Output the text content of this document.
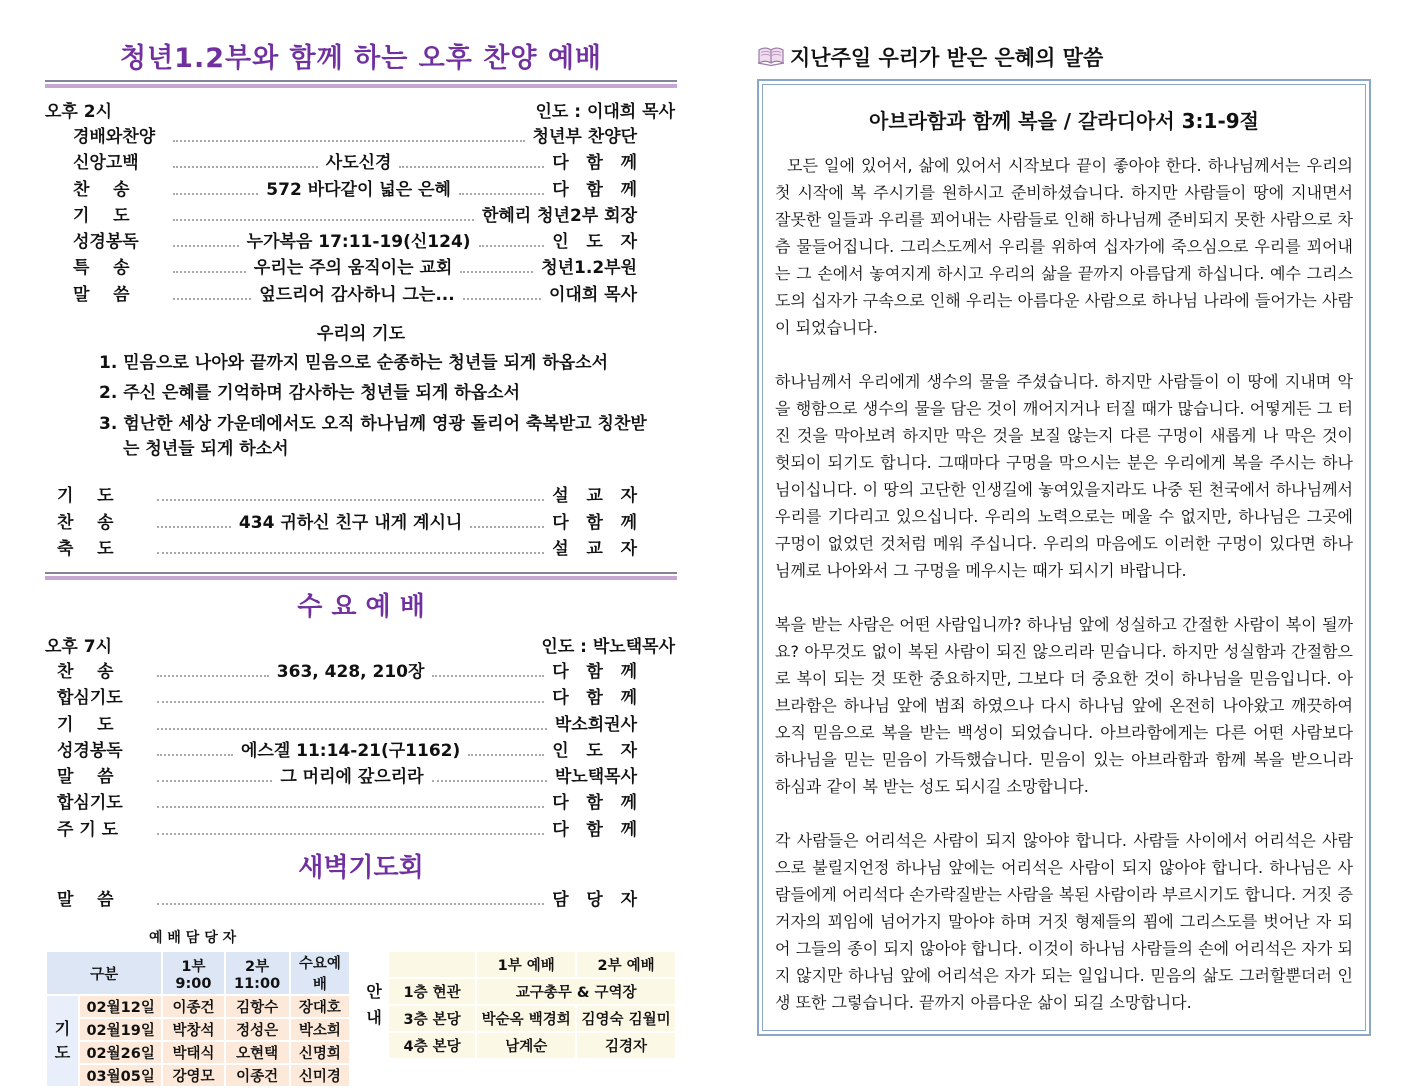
청년1.2부와 함께 하는 오후 찬양 예배
오후 2시	인도 : 이대희 목사
경배와찬양	청년부 찬양단
신앙고백	사도신경	다   함   께
찬    송	572 바다같이 넓은 은혜	다   함   께
기    도	한혜리 청년2부 회장
성경봉독	누가복음 17:11-19(신124)	인   도   자
특    송	우리는 주의 움직이는 교회	청년1.2부원
말    씀	엎드리어 감사하니 그는...	이대희 목사
우리의 기도
1. 믿음으로 나아와 끝까지 믿음으로 순종하는 청년들 되게 하옵소서
2. 주신 은혜를 기억하며 감사하는 청년들 되게 하옵소서
3. 험난한 세상 가운데에서도 오직 하나님께 영광 돌리어 축복받고 칭찬받는 청년들 되게 하소서
기    도	설   교   자
찬    송	434 귀하신 친구 내게 계시니	다   함   께
축    도	설   교   자
수 요 예 배
오후 7시	인도 : 박노택목사
찬    송	363, 428, 210장	다   함   께
합심기도	다   함   께
기    도	박소희권사
성경봉독	에스겔 11:14-21(구1162)	인   도   자
말    씀	그 머리에 갚으리라	박노택목사
합심기도	다   함   께
주 기 도	다   함   께
새벽기도회
말    씀	담   당   자
예 배 담 당 자
구분		1부 9:00	2부 11:00	수요예배

기
도	02월12일	이종건	김항수	장대호
	02월19일	박창석	정성은	박소희
	02월26일	박태식	오현택	신명희
	03월05일	강영모	이종건	신미경
안
내		1부 예배	2부 예배
	1층 현관	교구총무 & 구역장	
	3층 본당	박순옥 백경희	김영숙 김월미
	4층 본당	남계순	김경자
지난주일 우리가 받은 은혜의 말씀
아브라함과 함께 복을 / 갈라디아서 3:1-9절

모든 일에 있어서, 삶에 있어서 시작보다 끝이 좋아야 한다. 하나님께서는 우리의 첫 시작에 복 주시기를 원하시고 준비하셨습니다. 하지만 사람들이 땅에 지내면서 잘못한 일들과 우리를 꾀어내는 사람들로 인해 하나님께 준비되지 못한 사람으로 차츰 물들어집니다. 그리스도께서 우리를 위하여 십자가에 죽으심으로 우리를 꾀어내는 그 손에서 놓여지게 하시고 우리의 삶을 끝까지 아름답게 하십니다. 예수 그리스도의 십자가 구속으로 인해 우리는 아름다운 사람으로 하나님 나라에 들어가는 사람이 되었습니다.

하나님께서 우리에게 생수의 물을 주셨습니다. 하지만 사람들이 이 땅에 지내며 악을 행함으로 생수의 물을 담은 것이 깨어지거나 터질 때가 많습니다. 어떻게든 그 터진 것을 막아보려 하지만 막은 것을 보질 않는지 다른 구멍이 새롭게 나 막은 것이 헛되이 되기도 합니다. 그때마다 구멍을 막으시는 분은 우리에게 복을 주시는 하나님이십니다. 이 땅의 고단한 인생길에 놓여있을지라도 나중 된 천국에서 하나님께서 우리를 기다리고 있으십니다. 우리의 노력으로는 메울 수 없지만, 하나님은 그곳에 구멍이 없었던 것처럼 메워 주십니다. 우리의 마음에도 이러한 구멍이 있다면 하나님께로 나아와서 그 구멍을 메우시는 때가 되시기 바랍니다.

복을 받는 사람은 어떤 사람입니까? 하나님 앞에 성실하고 간절한 사람이 복이 될까요? 아무것도 없이 복된 사람이 되진 않으리라 믿습니다. 하지만 성실함과 간절함으로 복이 되는 것 또한 중요하지만, 그보다 더 중요한 것이 하나님을 믿음입니다. 아브라함은 하나님 앞에 범죄 하였으나 다시 하나님 앞에 온전히 나아왔고 깨끗하여 오직 믿음으로 복을 받는 백성이 되었습니다. 아브라함에게는 다른 어떤 사람보다 하나님을 믿는 믿음이 가득했습니다. 믿음이 있는 아브라함과 함께 복을 받으니라 하심과 같이 복 받는 성도 되시길 소망합니다.

각 사람들은 어리석은 사람이 되지 않아야 합니다. 사람들 사이에서 어리석은 사람으로 불릴지언정 하나님 앞에는 어리석은 사람이 되지 않아야 합니다. 하나님은 사람들에게 어리석다 손가락질받는 사람을 복된 사람이라 부르시기도 합니다. 거짓 증거자의 꾀임에 넘어가지 말아야 하며 거짓 형제들의 꾐에 그리스도를 벗어난 자 되어 그들의 종이 되지 않아야 합니다. 이것이 하나님 사람들의 손에 어리석은 자가 되지 않지만 하나님 앞에 어리석은 자가 되는 일입니다. 믿음의 삶도 그러할뿐더러 인생 또한 그렇습니다. 끝까지 아름다운 삶이 되길 소망합니다.
